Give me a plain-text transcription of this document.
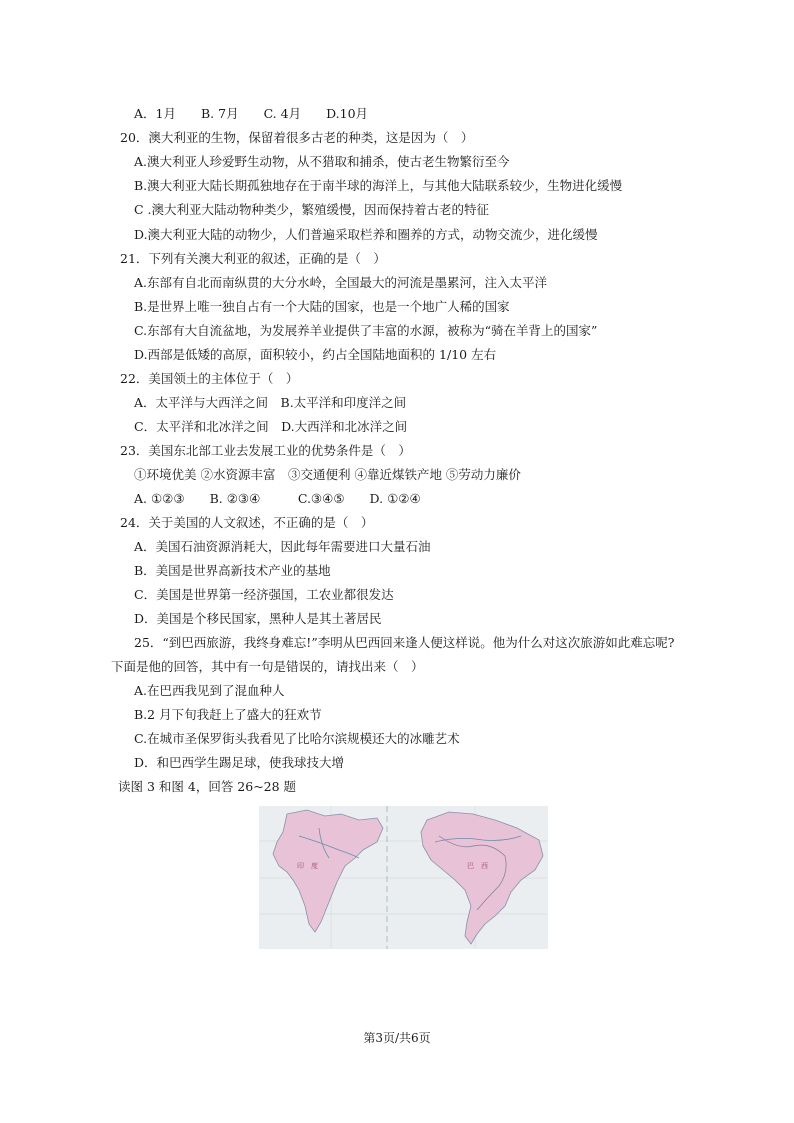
A．1月　　B. 7月　　C. 4月　　D.10月
20．澳大利亚的生物，保留着很多古老的种类，这是因为（　）
A.澳大利亚人珍爱野生动物，从不猎取和捕杀，使古老生物繁衍至今
B.澳大利亚大陆长期孤独地存在于南半球的海洋上，与其他大陆联系较少，生物进化缓慢
C .澳大利亚大陆动物种类少，繁殖缓慢，因而保持着古老的特征
D.澳大利亚大陆的动物少，人们普遍采取栏养和圈养的方式，动物交流少，进化缓慢
21．下列有关澳大利亚的叙述，正确的是（　）
A.东部有自北而南纵贯的大分水岭，全国最大的河流是墨累河，注入太平洋
B.是世界上唯一独自占有一个大陆的国家，也是一个地广人稀的国家
C.东部有大自流盆地，为发展养羊业提供了丰富的水源，被称为“骑在羊背上的国家”
D.西部是低矮的高原，面积较小，约占全国陆地面积的 1/10 左右
22．美国领土的主体位于（　）
A．太平洋与大西洋之间　B.太平洋和印度洋之间
C．太平洋和北冰洋之间　D.大西洋和北冰洋之间
23．美国东北部工业去发展工业的优势条件是（　）
①环境优美 ②水资源丰富　③交通便利 ④靠近煤铁产地 ⑤劳动力廉价
A. ①②③　　B. ②③④　　　C.③④⑤　　D. ①②④
24．关于美国的人文叙述，不正确的是（　）
A．美国石油资源消耗大，因此每年需要进口大量石油
B．美国是世界高新技术产业的基地
C．美国是世界第一经济强国，工农业都很发达
D．美国是个移民国家，黑种人是其土著居民
25．“到巴西旅游，我终身难忘!”李明从巴西回来逢人便这样说。他为什么对这次旅游如此难忘呢?
下面是他的回答，其中有一句是错误的，请找出来（　）
A.在巴西我见到了混血种人
B.2 月下旬我赶上了盛大的狂欢节
C.在城市圣保罗街头我看见了比哈尔滨规模还大的冰雕艺术
D．和巴西学生踢足球，使我球技大增
读图 3 和图 4，回答 26~28 题
印　度	巴　西
第3页/共6页
